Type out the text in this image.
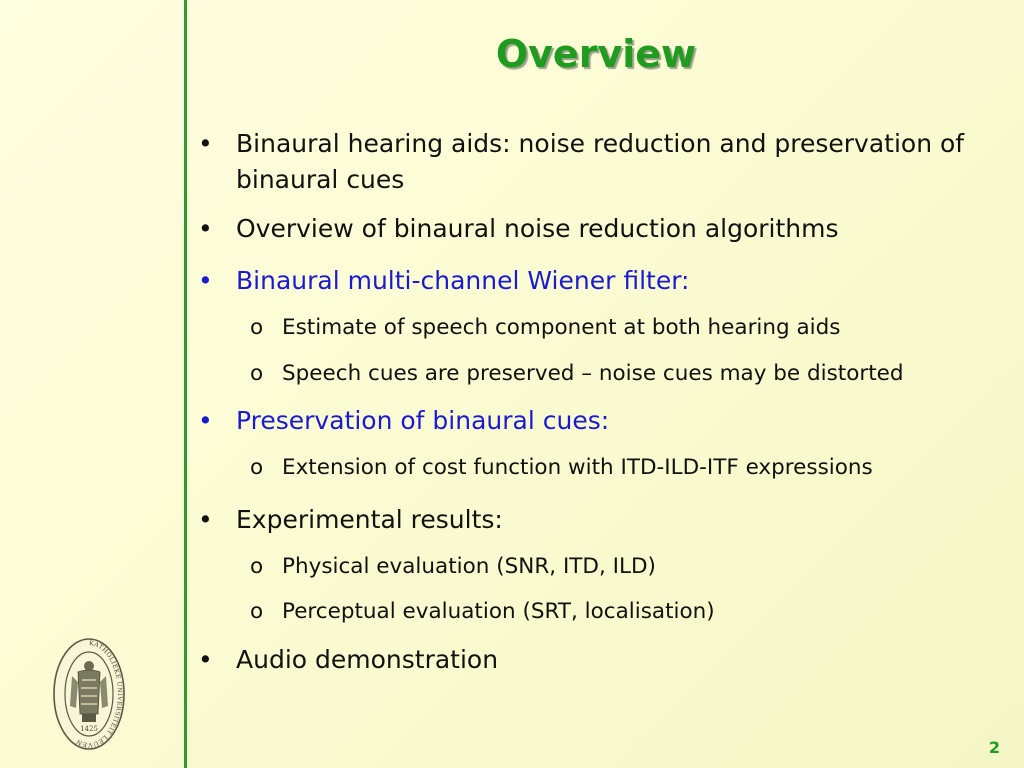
Overview
• Binaural hearing aids: noise reduction and preservation of binaural cues
• Overview of binaural noise reduction algorithms
• Binaural multi-channel Wiener filter:
o Estimate of speech component at both hearing aids
o Speech cues are preserved – noise cues may be distorted
• Preservation of binaural cues:
o Extension of cost function with ITD-ILD-ITF expressions
• Experimental results:
o Physical evaluation (SNR, ITD, ILD)
o Perceptual evaluation (SRT, localisation)
• Audio demonstration
KATHOLIEKE UNIVERSITEIT LEUVEN
1425
2
